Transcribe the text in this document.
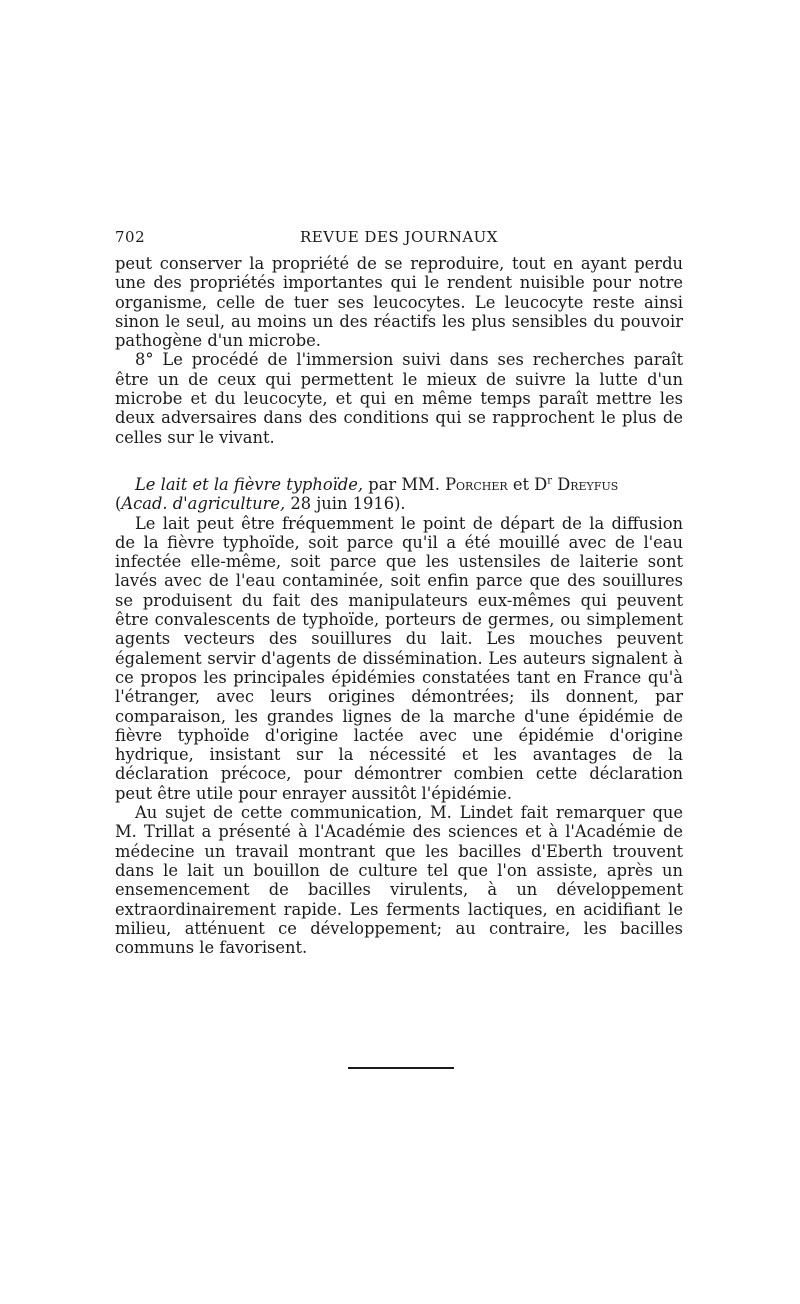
702	REVUE DES JOURNAUX

peut conserver la propriété de se reproduire, tout en ayant perdu une des propriétés importantes qui le rendent nuisible pour notre organisme, celle de tuer ses leucocytes. Le leucocyte reste ainsi sinon le seul, au moins un des réactifs les plus sensibles du pouvoir pathogène d'un microbe.

8° Le procédé de l'immersion suivi dans ses recherches paraît être un de ceux qui permettent le mieux de suivre la lutte d'un microbe et du leucocyte, et qui en même temps paraît mettre les deux adversaires dans des conditions qui se rapprochent le plus de celles sur le vivant.

Le lait et la fièvre typhoïde, par MM. Porcher et $D^r$ Dreyfus
(Acad. d'agriculture, 28 juin 1916).

Le lait peut être fréquemment le point de départ de la diffusion de la fièvre typhoïde, soit parce qu'il a été mouillé avec de l'eau infectée elle-même, soit parce que les ustensiles de laiterie sont lavés avec de l'eau contaminée, soit enfin parce que des souillures se produisent du fait des manipulateurs eux-mêmes qui peuvent être convalescents de typhoïde, porteurs de germes, ou simplement agents vecteurs des souillures du lait. Les mouches peuvent également servir d'agents de dissémination. Les auteurs signalent à ce propos les principales épidémies constatées tant en France qu'à l'étranger, avec leurs origines démontrées; ils donnent, par comparaison, les grandes lignes de la marche d'une épidémie de fièvre typhoïde d'origine lactée avec une épidémie d'origine hydrique, insistant sur la nécessité et les avantages de la déclaration précoce, pour démontrer combien cette déclaration peut être utile pour enrayer aussitôt l'épidémie.

Au sujet de cette communication, M. Lindet fait remarquer que M. Trillat a présenté à l'Académie des sciences et à l'Académie de médecine un travail montrant que les bacilles d'Eberth trouvent dans le lait un bouillon de culture tel que l'on assiste, après un ensemencement de bacilles virulents, à un développement extraordinairement rapide. Les ferments lactiques, en acidifiant le milieu, atténuent ce développement; au contraire, les bacilles communs le favorisent.
